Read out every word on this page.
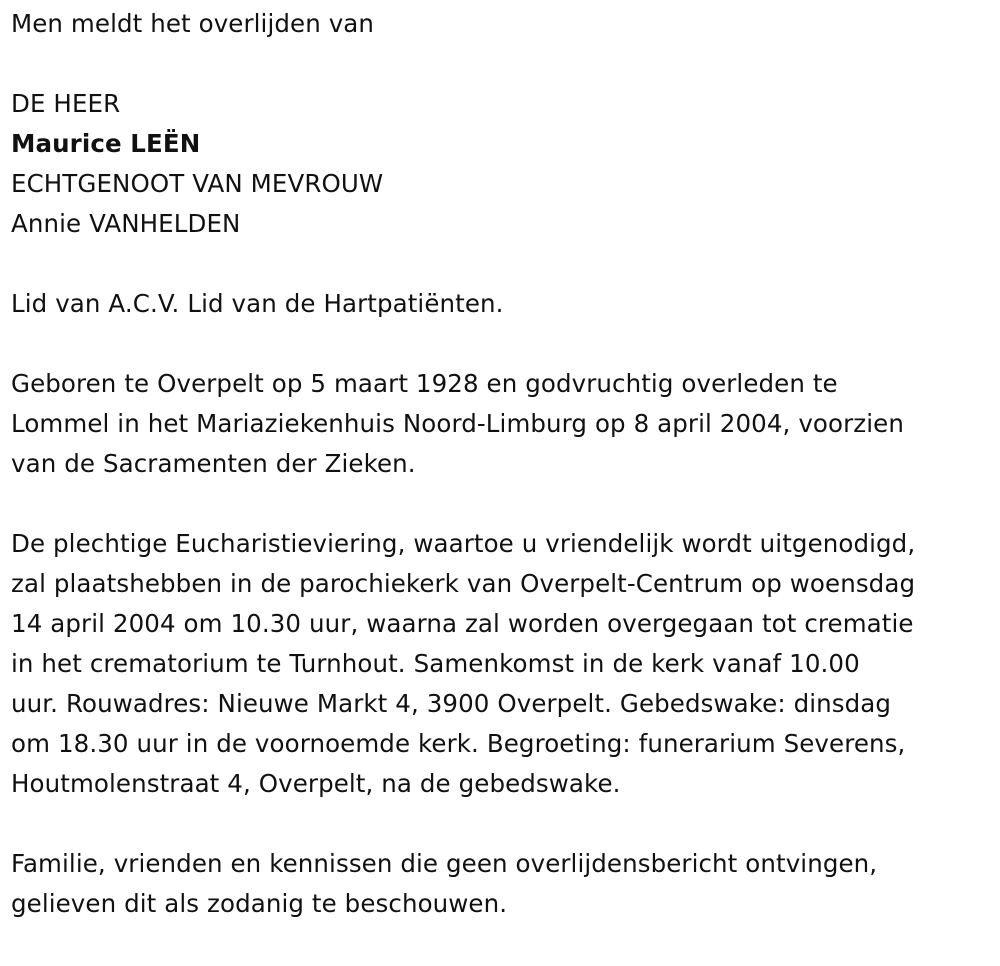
Men meldt het overlijden van

DE HEER
Maurice LEËN
ECHTGENOOT VAN MEVROUW
Annie VANHELDEN

Lid van A.C.V. Lid van de Hartpatiënten.

Geboren te Overpelt op 5 maart 1928 en godvruchtig overleden te
Lommel in het Mariaziekenhuis Noord-Limburg op 8 april 2004, voorzien
van de Sacramenten der Zieken.

De plechtige Eucharistieviering, waartoe u vriendelijk wordt uitgenodigd,
zal plaatshebben in de parochiekerk van Overpelt-Centrum op woensdag
14 april 2004 om 10.30 uur, waarna zal worden overgegaan tot crematie
in het crematorium te Turnhout. Samenkomst in de kerk vanaf 10.00
uur. Rouwadres: Nieuwe Markt 4, 3900 Overpelt. Gebedswake: dinsdag
om 18.30 uur in de voornoemde kerk. Begroeting: funerarium Severens,
Houtmolenstraat 4, Overpelt, na de gebedswake.

Familie, vrienden en kennissen die geen overlijdensbericht ontvingen,
gelieven dit als zodanig te beschouwen.
